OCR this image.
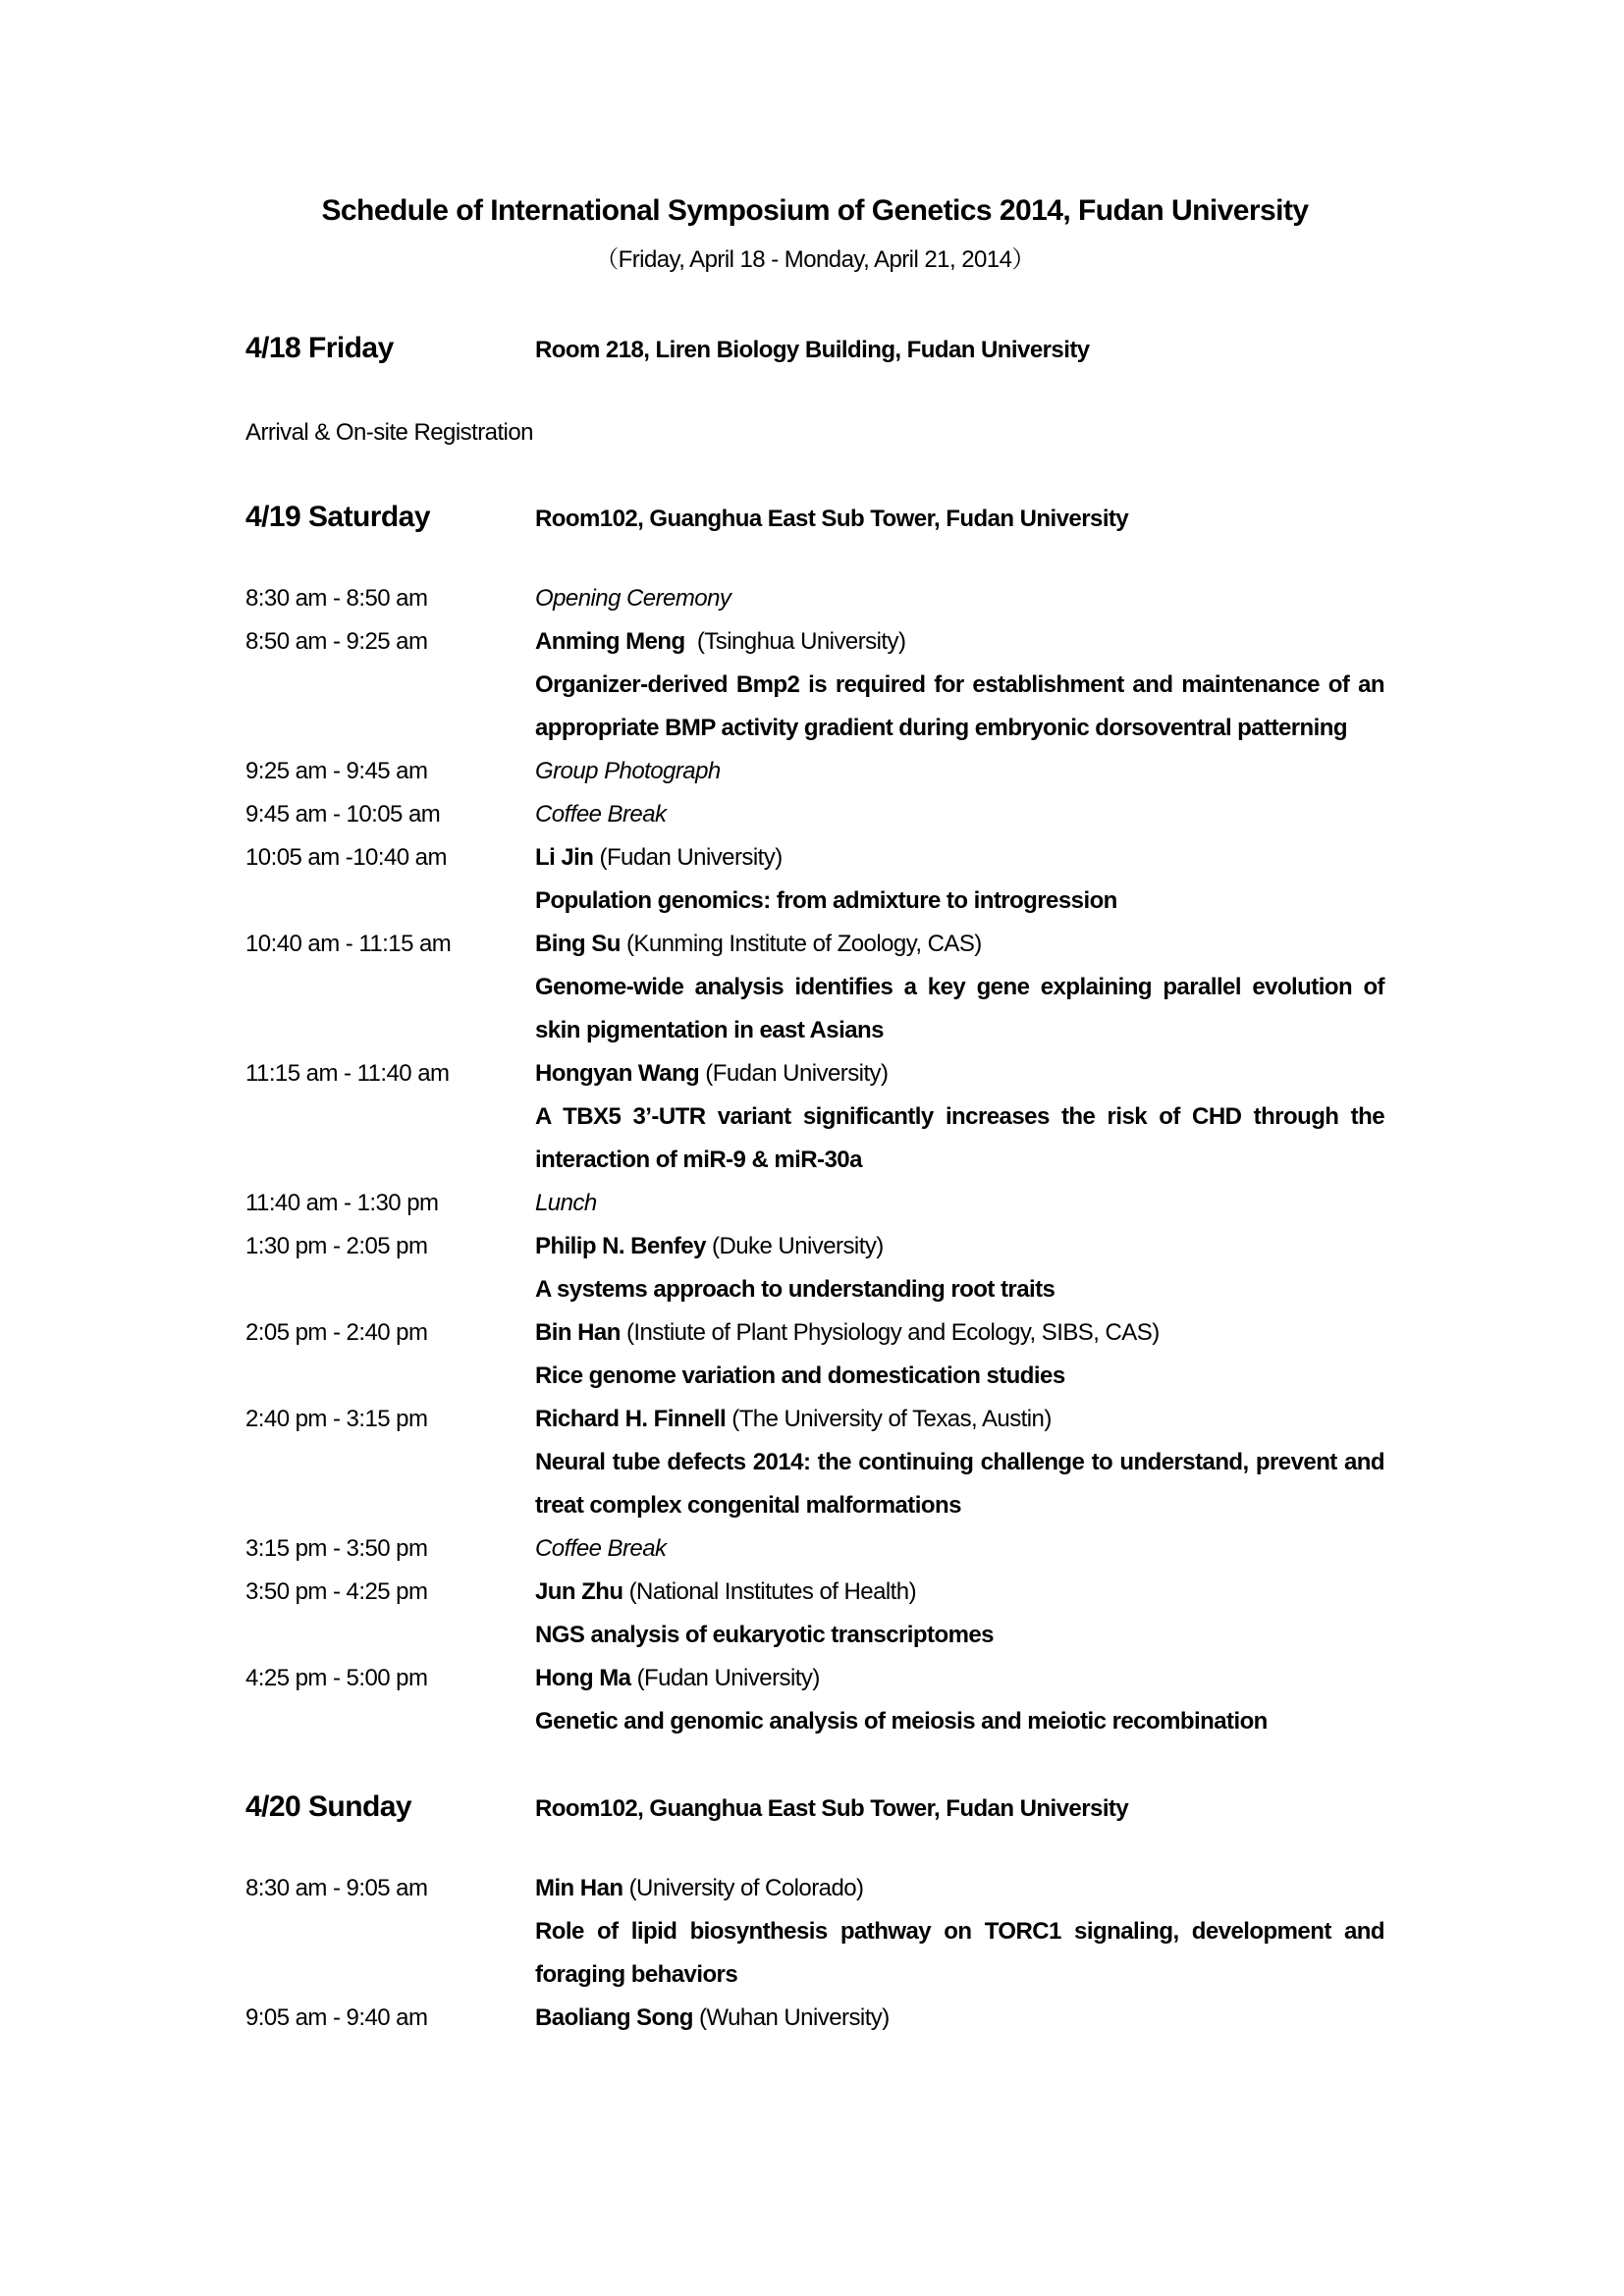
Schedule of International Symposium of Genetics 2014, Fudan University
（Friday, April 18 - Monday, April 21, 2014）
4/18 Friday	Room 218, Liren Biology Building, Fudan University

Arrival & On-site Registration

4/19 Saturday	Room102, Guanghua East Sub Tower, Fudan University
8:30 am - 8:50 am	Opening Ceremony
8:50 am - 9:25 am	Anming Meng (Tsinghua University)

Organizer-derived Bmp2 is required for establishment and maintenance of an appropriate BMP activity gradient during embryonic dorsoventral patterning

9:25 am - 9:45 am	Group Photograph
9:45 am - 10:05 am	Coffee Break
10:05 am -10:40 am	Li Jin (Fudan University)

Population genomics: from admixture to introgression

10:40 am - 11:15 am	Bing Su (Kunming Institute of Zoology, CAS)

Genome-wide analysis identifies a key gene explaining parallel evolution of skin pigmentation in east Asians

11:15 am - 11:40 am	Hongyan Wang (Fudan University)

A TBX5 3’-UTR variant significantly increases the risk of CHD through the interaction of miR-9 & miR-30a

11:40 am - 1:30 pm	Lunch
1:30 pm - 2:05 pm	Philip N. Benfey (Duke University)

A systems approach to understanding root traits

2:05 pm - 2:40 pm	Bin Han (Instiute of Plant Physiology and Ecology, SIBS, CAS)

Rice genome variation and domestication studies

2:40 pm - 3:15 pm	Richard H. Finnell (The University of Texas, Austin)

Neural tube defects 2014: the continuing challenge to understand, prevent and treat complex congenital malformations

3:15 pm - 3:50 pm	Coffee Break
3:50 pm - 4:25 pm	Jun Zhu (National Institutes of Health)

NGS analysis of eukaryotic transcriptomes

4:25 pm - 5:00 pm	Hong Ma (Fudan University)

Genetic and genomic analysis of meiosis and meiotic recombination

4/20 Sunday	Room102, Guanghua East Sub Tower, Fudan University
8:30 am - 9:05 am	Min Han (University of Colorado)

Role of lipid biosynthesis pathway on TORC1 signaling, development and foraging behaviors

9:05 am - 9:40 am	Baoliang Song (Wuhan University)
